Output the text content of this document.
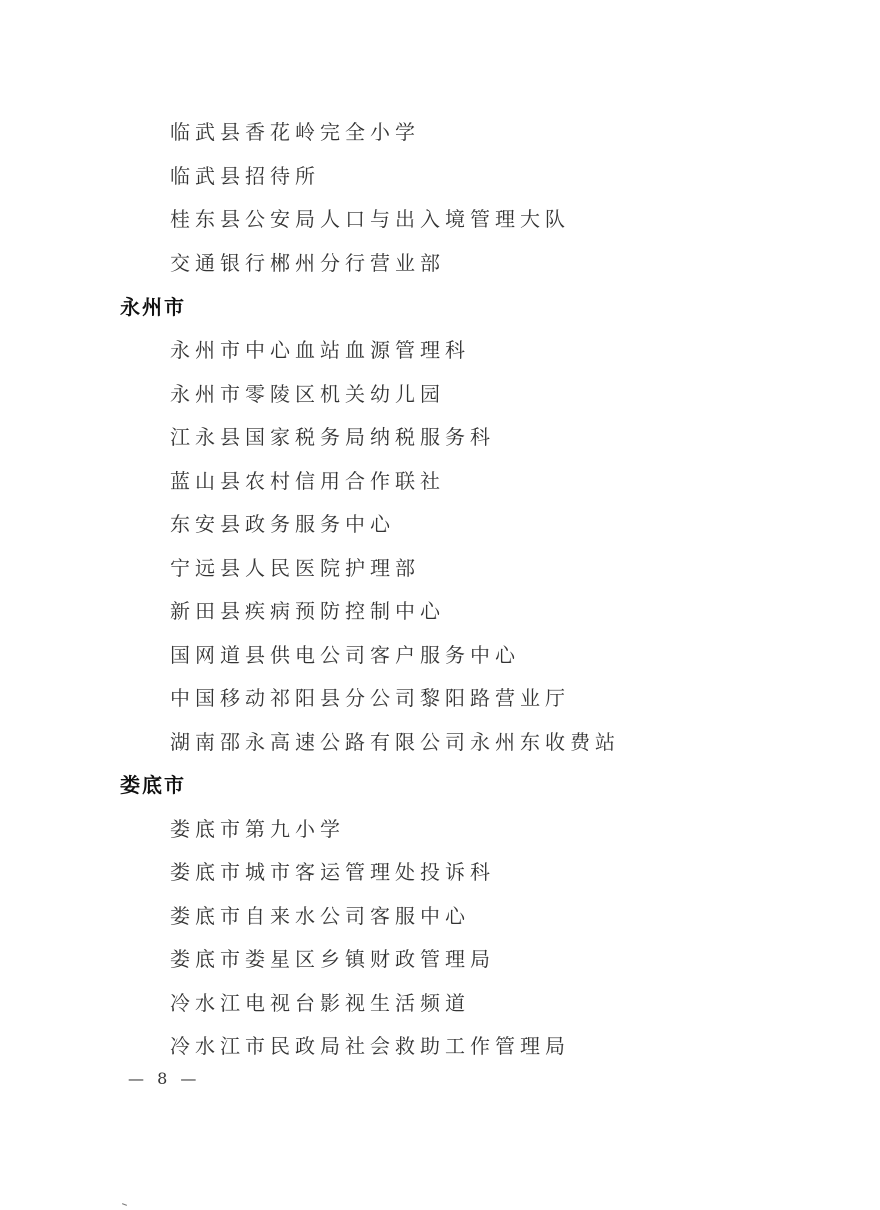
临武县香花岭完全小学
临武县招待所
桂东县公安局人口与出入境管理大队
交通银行郴州分行营业部
永州市
永州市中心血站血源管理科
永州市零陵区机关幼儿园
江永县国家税务局纳税服务科
蓝山县农村信用合作联社
东安县政务服务中心
宁远县人民医院护理部
新田县疾病预防控制中心
国网道县供电公司客户服务中心
中国移动祁阳县分公司黎阳路营业厅
湖南邵永高速公路有限公司永州东收费站
娄底市
娄底市第九小学
娄底市城市客运管理处投诉科
娄底市自来水公司客服中心
娄底市娄星区乡镇财政管理局
冷水江电视台影视生活频道
冷水江市民政局社会救助工作管理局
— 8 —
